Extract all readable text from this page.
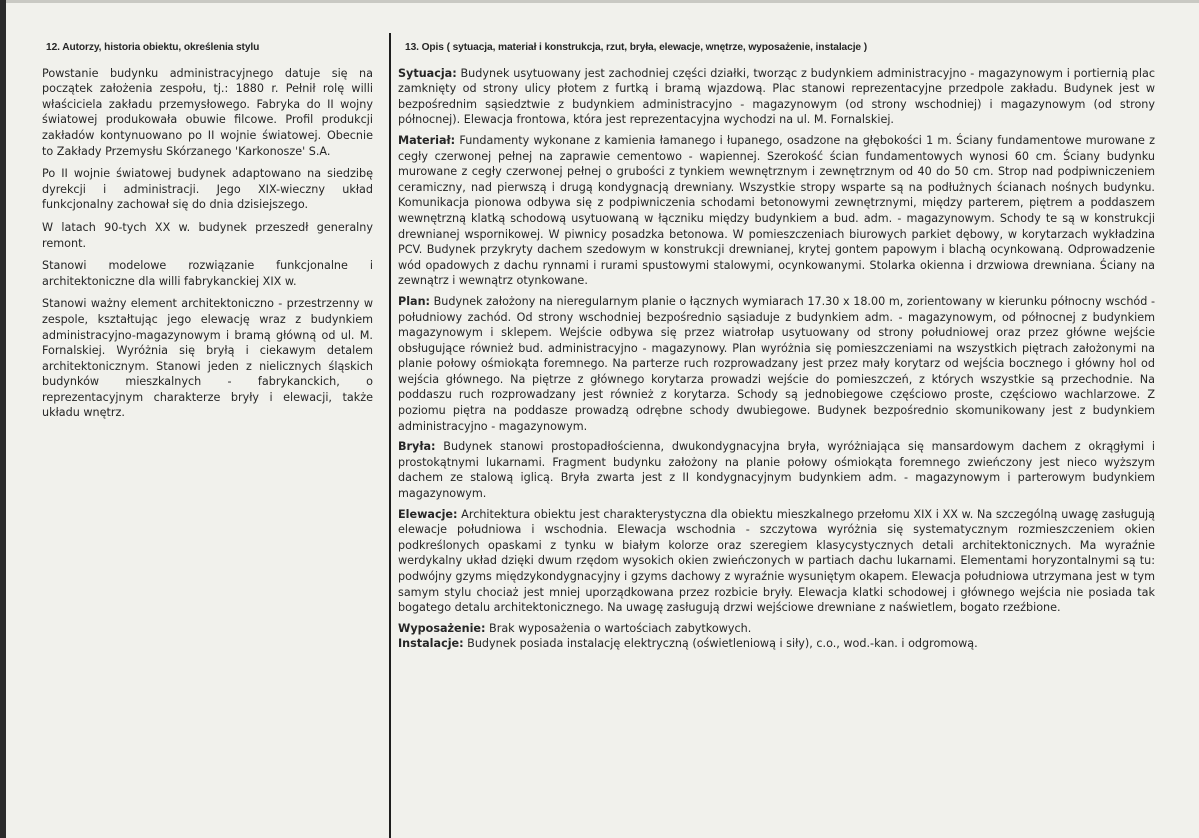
12. Autorzy, historia obiektu, określenia stylu

Powstanie budynku administracyjnego datuje się na początek założenia zespołu, tj.: 1880 r. Pełnił rolę willi właściciela zakładu przemysłowego. Fabryka do II wojny światowej produkowała obuwie filcowe. Profil produkcji zakładów kontynuowano po II wojnie światowej. Obecnie to Zakłady Przemysłu Skórzanego 'Karkonosze' S.A.

Po II wojnie światowej budynek adaptowano na siedzibę dyrekcji i administracji. Jego XIX-wieczny układ funkcjonalny zachował się do dnia dzisiejszego.

W latach 90-tych XX w. budynek przeszedł generalny remont.

Stanowi modelowe rozwiązanie funkcjonalne i architektoniczne dla willi fabrykanckiej XIX w.

Stanowi ważny element architektoniczno - przestrzenny w zespole, kształtując jego elewację wraz z budynkiem administracyjno-magazynowym i bramą główną od ul. M. Fornalskiej. Wyróżnia się bryłą i ciekawym detalem architektonicznym. Stanowi jeden z nielicznych śląskich budynków mieszkalnych - fabrykanckich, o reprezentacyjnym charakterze bryły i elewacji, także układu wnętrz.

13. Opis ( sytuacja, materiał i konstrukcja, rzut, bryła, elewacje, wnętrze, wyposażenie, instalacje )

Sytuacja: Budynek usytuowany jest zachodniej części działki, tworząc z budynkiem administracyjno - magazynowym i portiernią plac zamknięty od strony ulicy płotem z furtką i bramą wjazdową. Plac stanowi reprezentacyjne przedpole zakładu. Budynek jest w bezpośrednim sąsiedztwie z budynkiem administracyjno - magazynowym (od strony wschodniej) i magazynowym (od strony północnej). Elewacja frontowa, która jest reprezentacyjna wychodzi na ul. M. Fornalskiej.

Materiał: Fundamenty wykonane z kamienia łamanego i łupanego, osadzone na głębokości 1 m. Ściany fundamentowe murowane z cegły czerwonej pełnej na zaprawie cementowo - wapiennej. Szerokość ścian fundamentowych wynosi 60 cm. Ściany budynku murowane z cegły czerwonej pełnej o grubości z tynkiem wewnętrznym i zewnętrznym od 40 do 50 cm. Strop nad podpiwniczeniem ceramiczny, nad pierwszą i drugą kondygnacją drewniany. Wszystkie stropy wsparte są na podłużnych ścianach nośnych budynku. Komunikacja pionowa odbywa się z podpiwniczenia schodami betonowymi zewnętrznymi, między parterem, piętrem a poddaszem wewnętrzną klatką schodową usytuowaną w łączniku między budynkiem a bud. adm. - magazynowym. Schody te są w konstrukcji drewnianej wspornikowej. W piwnicy posadzka betonowa. W pomieszczeniach biurowych parkiet dębowy, w korytarzach wykładzina PCV. Budynek przykryty dachem szedowym w konstrukcji drewnianej, krytej gontem papowym i blachą ocynkowaną. Odprowadzenie wód opadowych z dachu rynnami i rurami spustowymi stalowymi, ocynkowanymi. Stolarka okienna i drzwiowa drewniana. Ściany na zewnątrz i wewnątrz otynkowane.

Plan: Budynek założony na nieregularnym planie o łącznych wymiarach 17.30 x 18.00 m, zorientowany w kierunku północny wschód - południowy zachód. Od strony wschodniej bezpośrednio sąsiaduje z budynkiem adm. - magazynowym, od północnej z budynkiem magazynowym i sklepem. Wejście odbywa się przez wiatrołap usytuowany od strony południowej oraz przez główne wejście obsługujące również bud. administracyjno - magazynowy. Plan wyróżnia się pomieszczeniami na wszystkich piętrach założonymi na planie połowy ośmiokąta foremnego. Na parterze ruch rozprowadzany jest przez mały korytarz od wejścia bocznego i główny hol od wejścia głównego. Na piętrze z głównego korytarza prowadzi wejście do pomieszczeń, z których wszystkie są przechodnie. Na poddaszu ruch rozprowadzany jest również z korytarza. Schody są jednobiegowe częściowo proste, częściowo wachlarzowe. Z poziomu piętra na poddasze prowadzą odrębne schody dwubiegowe. Budynek bezpośrednio skomunikowany jest z budynkiem administracyjno - magazynowym.

Bryła: Budynek stanowi prostopadłościenna, dwukondygnacyjna bryła, wyróżniająca się mansardowym dachem z okrągłymi i prostokątnymi lukarnami. Fragment budynku założony na planie połowy ośmiokąta foremnego zwieńczony jest nieco wyższym dachem ze stalową iglicą. Bryła zwarta jest z II kondygnacyjnym budynkiem adm. - magazynowym i parterowym budynkiem magazynowym.

Elewacje: Architektura obiektu jest charakterystyczna dla obiektu mieszkalnego przełomu XIX i XX w. Na szczególną uwagę zasługują elewacje południowa i wschodnia. Elewacja wschodnia - szczytowa wyróżnia się systematycznym rozmieszczeniem okien podkreślonych opaskami z tynku w białym kolorze oraz szeregiem klasycystycznych detali architektonicznych. Ma wyraźnie werdykalny układ dzięki dwum rzędom wysokich okien zwieńczonych w partiach dachu lukarnami. Elementami horyzontalnymi są tu: podwójny gzyms międzykondygnacyjny i gzyms dachowy z wyraźnie wysuniętym okapem. Elewacja południowa utrzymana jest w tym samym stylu chociaż jest mniej uporządkowana przez rozbicie bryły. Elewacja klatki schodowej i głównego wejścia nie posiada tak bogatego detalu architektonicznego. Na uwagę zasługują drzwi wejściowe drewniane z naświetlem, bogato rzeźbione.

Wyposażenie: Brak wyposażenia o wartościach zabytkowych.

Instalacje: Budynek posiada instalację elektryczną (oświetleniową i siły), c.o., wod.-kan. i odgromową.
